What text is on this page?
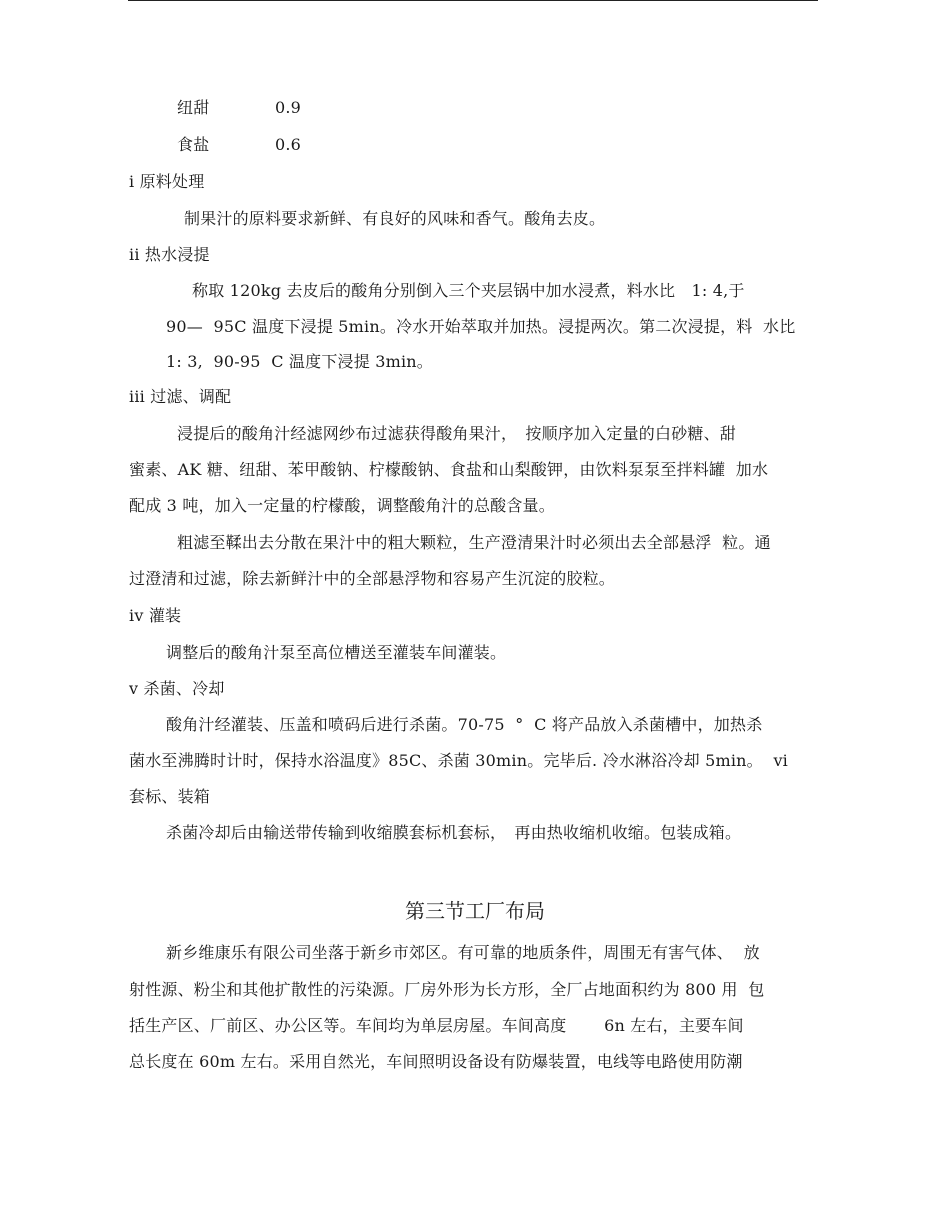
纽甜	0.9
食盐	0.6
i 原料处理
制果汁的原料要求新鲜、有良好的风味和香气。酸角去皮。
ii 热水浸提
称取 120kg 去皮后的酸角分别倒入三个夹层锅中加水浸煮，料水比　1: 4,于
90—  95C 温度下浸提 5min。冷水开始萃取并加热。浸提两次。第二次浸提，料  水比
1: 3,  90-95  C 温度下浸提 3min。
iii 过滤、调配
浸提后的酸角汁经滤网纱布过滤获得酸角果汁，　按顺序加入定量的白砂糖、甜
蜜素、AK 糖、纽甜、苯甲酸钠、柠檬酸钠、食盐和山梨酸钾，由饮料泵泵至拌料罐  加水
配成 3 吨，加入一定量的柠檬酸，调整酸角汁的总酸含量。
粗滤至鞣出去分散在果汁中的粗大颗粒，生产澄清果汁时必须出去全部悬浮  粒。通
过澄清和过滤，除去新鲜汁中的全部悬浮物和容易产生沉淀的胶粒。
iv 灌装
调整后的酸角汁泵至高位槽送至灌装车间灌装。
v 杀菌、冷却
酸角汁经灌装、压盖和喷码后进行杀菌。70-75  °  C 将产品放入杀菌槽中，加热杀
菌水至沸腾时计时，保持水浴温度》85C、杀菌 30min。完毕后. 冷水淋浴冷却 5min。  vi
套标、装箱
杀菌冷却后由输送带传输到收缩膜套标机套标，　再由热收缩机收缩。包装成箱。
第三节工厂布局
新乡维康乐有限公司坐落于新乡市郊区。有可靠的地质条件，周围无有害气体、  放
射性源、粉尘和其他扩散性的污染源。厂房外形为长方形，全厂占地面积约为 800 用  包
括生产区、厂前区、办公区等。车间均为单层房屋。车间高度　　 6n 左右，主要车间
总长度在 60m 左右。采用自然光，车间照明设备设有防爆装置，电线等电路使用防潮
